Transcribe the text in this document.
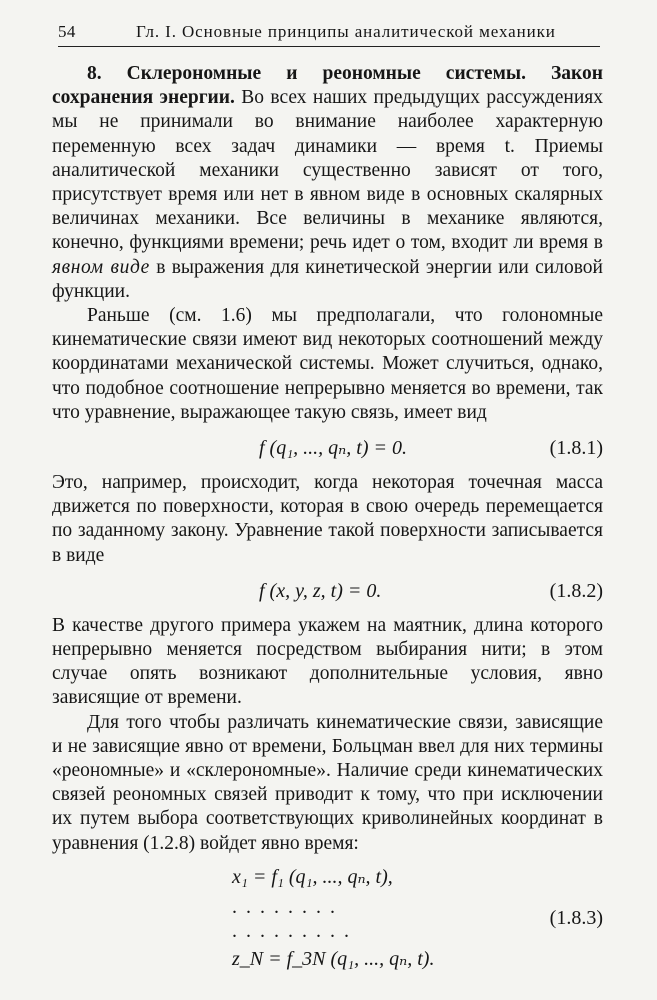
54	Гл. I. Основные принципы аналитической механики

8. Склерономные и реономные системы. Закон сохранения энергии. Во всех наших предыдущих рассуждениях мы не принимали во внимание наиболее характерную переменную всех задач динамики — время t. Приемы аналитической механики существенно зависят от того, присутствует время или нет в явном виде в основных скалярных величинах механики. Все величины в механике являются, конечно, функциями времени; речь идет о том, входит ли время в явном виде в выражения для кинетической энергии или силовой функции.

Раньше (см. 1.6) мы предполагали, что голономные кинематические связи имеют вид некоторых соотношений между координатами механической системы. Может случиться, однако, что подобное соотношение непрерывно меняется во времени, так что уравнение, выражающее такую связь, имеет вид

f (q₁, ..., qₙ, t) = 0.	(1.8.1)

Это, например, происходит, когда некоторая точечная масса движется по поверхности, которая в свою очередь перемещается по заданному закону. Уравнение такой поверхности записывается в виде

f (x, y, z, t) = 0.	(1.8.2)

В качестве другого примера укажем на маятник, длина которого непрерывно меняется посредством выбирания нити; в этом случае опять возникают дополнительные условия, явно зависящие от времени.

Для того чтобы различать кинематические связи, зависящие и не зависящие явно от времени, Больцман ввел для них термины «реономные» и «склерономные». Наличие среди кинематических связей реономных связей приводит к тому, что при исключении их путем выбора соответствующих криволинейных координат в уравнения (1.2.8) войдет явно время:

x₁ = f₁ (q₁, ..., qₙ, t),
........
.........
z_N = f_3N (q₁, ..., qₙ, t).
(1.8.3)
